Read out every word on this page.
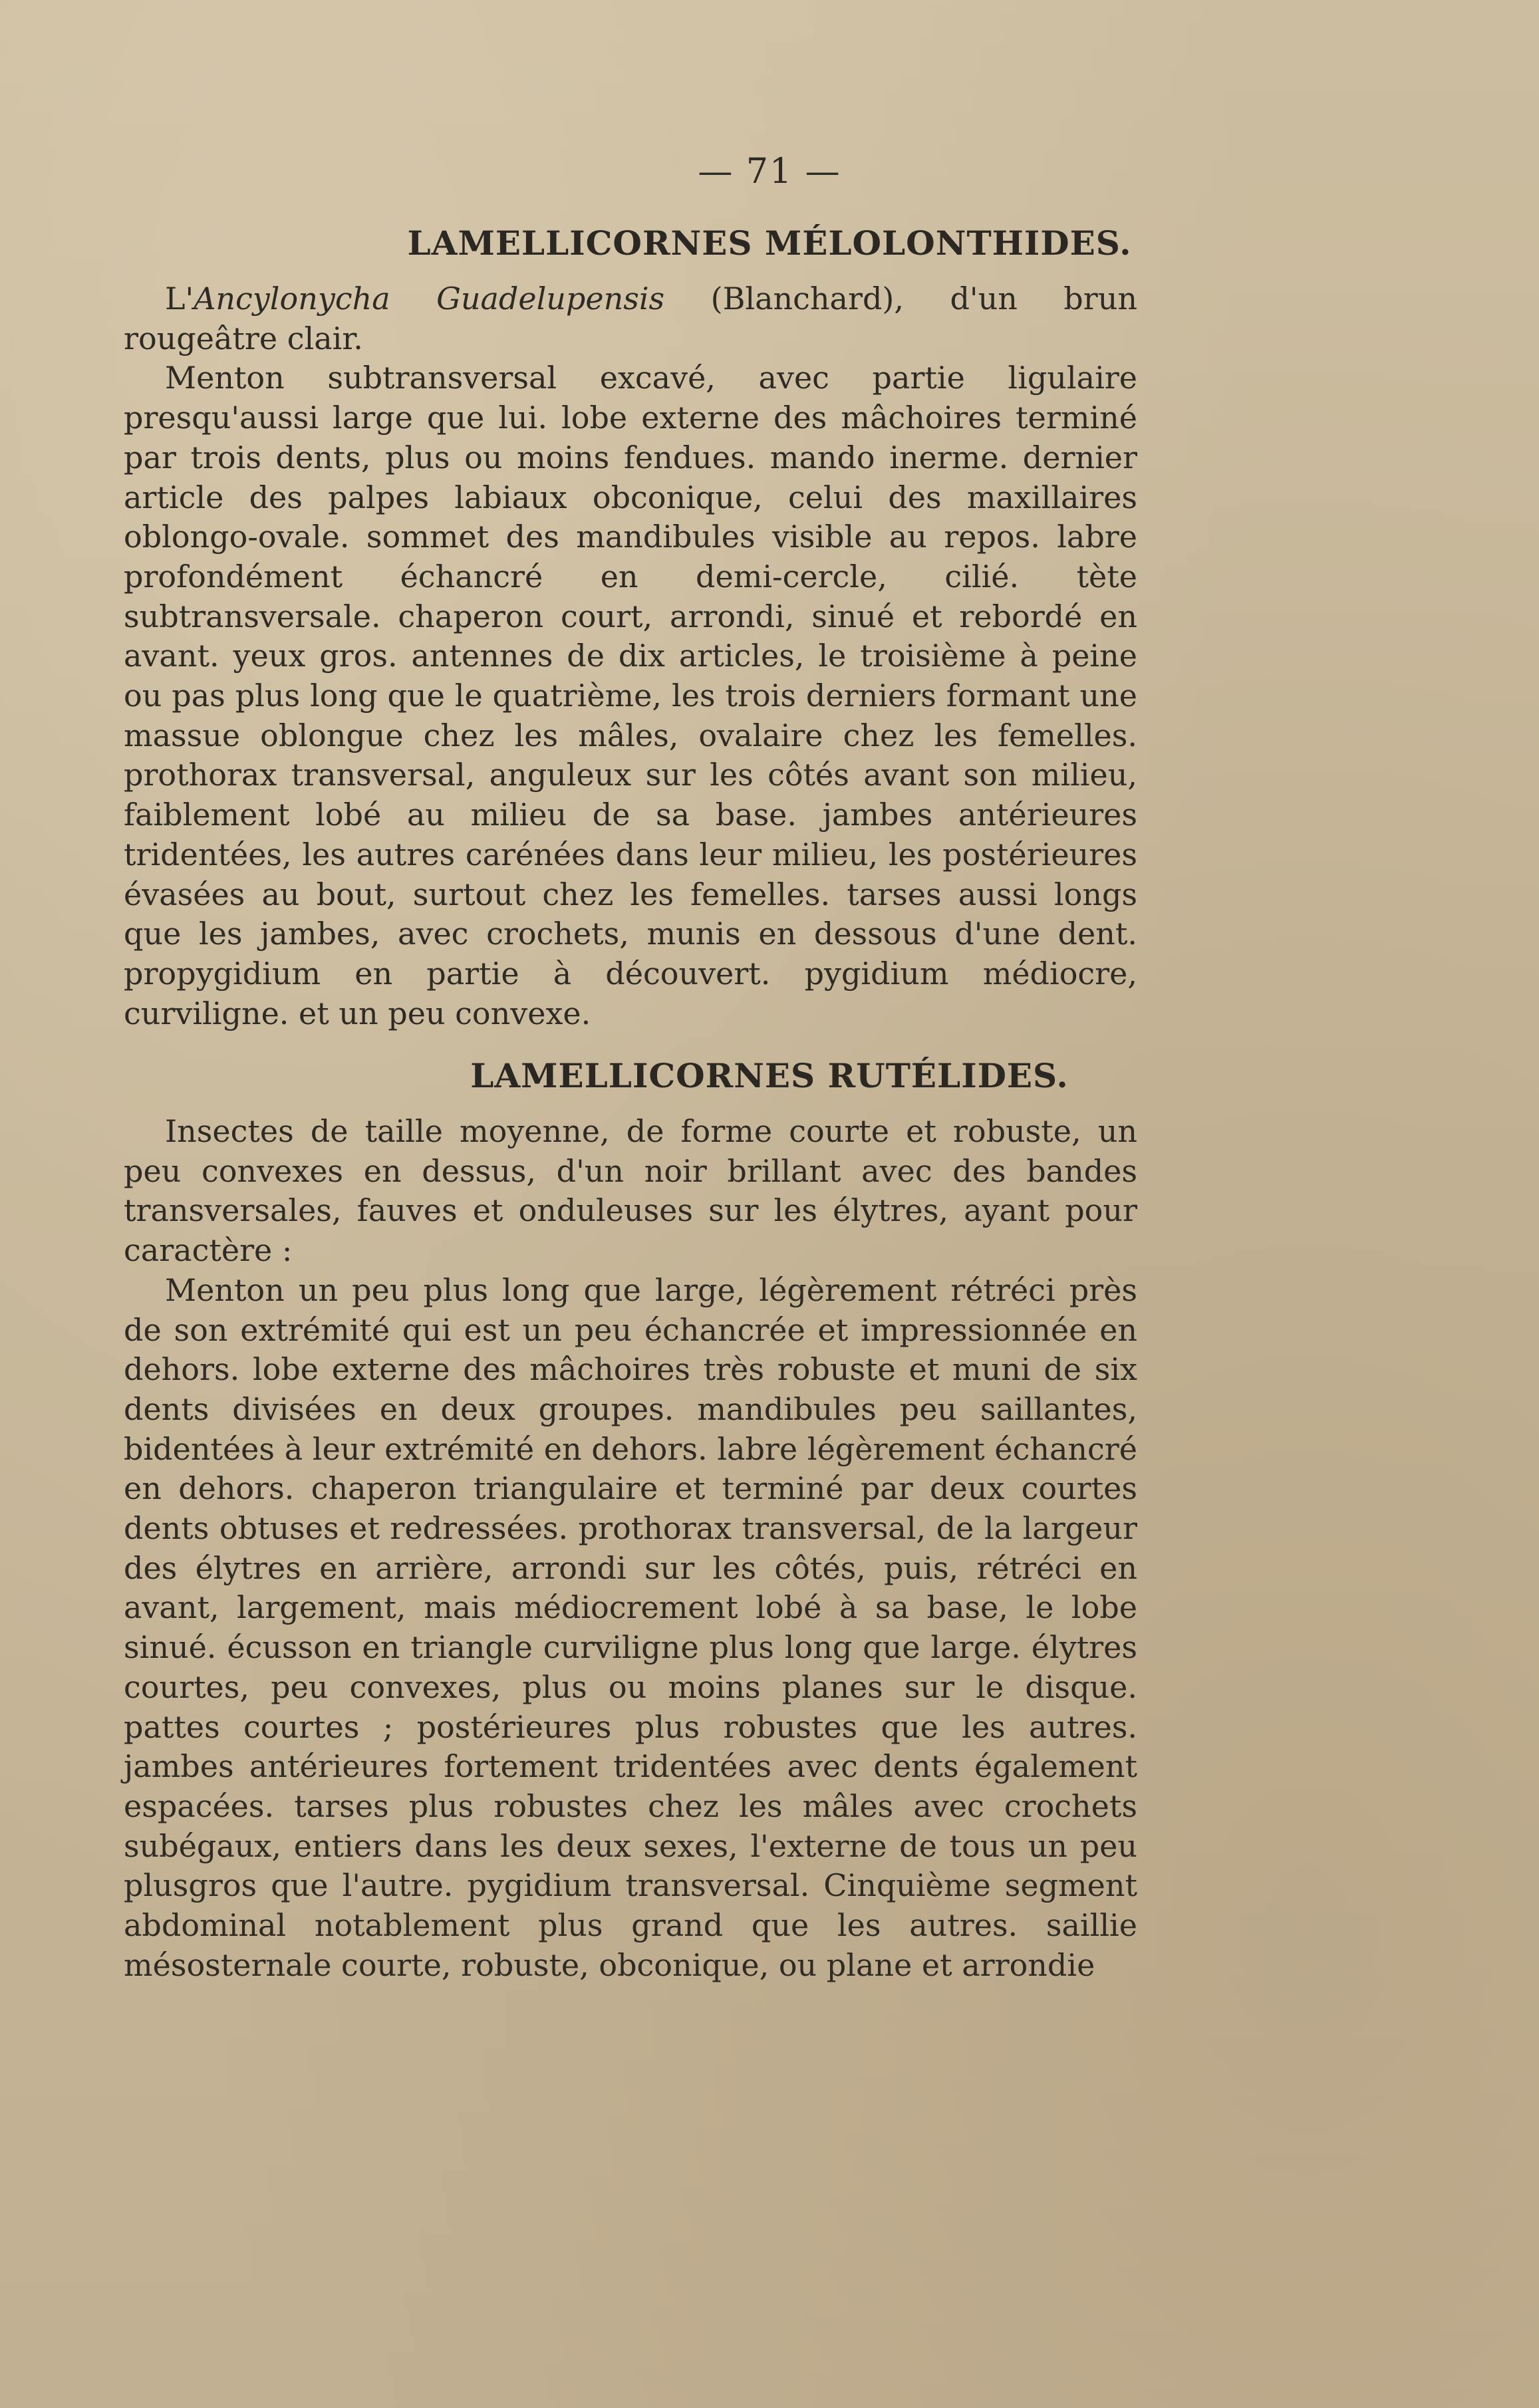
— 71 —
LAMELLICORNES MÉLOLONTHIDES.

L'Ancylonycha Guadelupensis (Blanchard), d'un brun rougeâtre clair.

Menton subtransversal excavé, avec partie ligulaire presqu'aussi large que lui. lobe externe des mâchoires terminé par trois dents, plus ou moins fendues. mando inerme. dernier article des palpes labiaux obconique, celui des maxillaires oblongo-ovale. sommet des mandibules visible au repos. labre profondément échancré en demi-cercle, cilié. tète subtransversale. chaperon court, arrondi, sinué et rebordé en avant. yeux gros. antennes de dix articles, le troisième à peine ou pas plus long que le quatrième, les trois derniers formant une massue oblongue chez les mâles, ovalaire chez les femelles. prothorax transversal, anguleux sur les côtés avant son milieu, faiblement lobé au milieu de sa base. jambes antérieures tridentées, les autres carénées dans leur milieu, les postérieures évasées au bout, surtout chez les femelles. tarses aussi longs que les jambes, avec crochets, munis en dessous d'une dent. propygidium en partie à découvert. pygidium médiocre, curviligne. et un peu convexe.

LAMELLICORNES RUTÉLIDES.

Insectes de taille moyenne, de forme courte et robuste, un peu convexes en dessus, d'un noir brillant avec des bandes transversales, fauves et onduleuses sur les élytres, ayant pour caractère :

Menton un peu plus long que large, légèrement rétréci près de son extrémité qui est un peu échancrée et impressionnée en dehors. lobe externe des mâchoires très robuste et muni de six dents divisées en deux groupes. mandibules peu saillantes, bidentées à leur extrémité en dehors. labre légèrement échancré en dehors. chaperon triangulaire et terminé par deux courtes dents obtuses et redressées. prothorax transversal, de la largeur des élytres en arrière, arrondi sur les côtés, puis, rétréci en avant, largement, mais médiocrement lobé à sa base, le lobe sinué. écusson en triangle curviligne plus long que large. élytres courtes, peu convexes, plus ou moins planes sur le disque. pattes courtes ; postérieures plus robustes que les autres. jambes antérieures fortement tridentées avec dents également espacées. tarses plus robustes chez les mâles avec crochets subégaux, entiers dans les deux sexes, l'externe de tous un peu plusgros que l'autre. pygidium transversal. Cinquième segment abdominal notablement plus grand que les autres. saillie mésosternale courte, robuste, obconique, ou plane et arrondie
